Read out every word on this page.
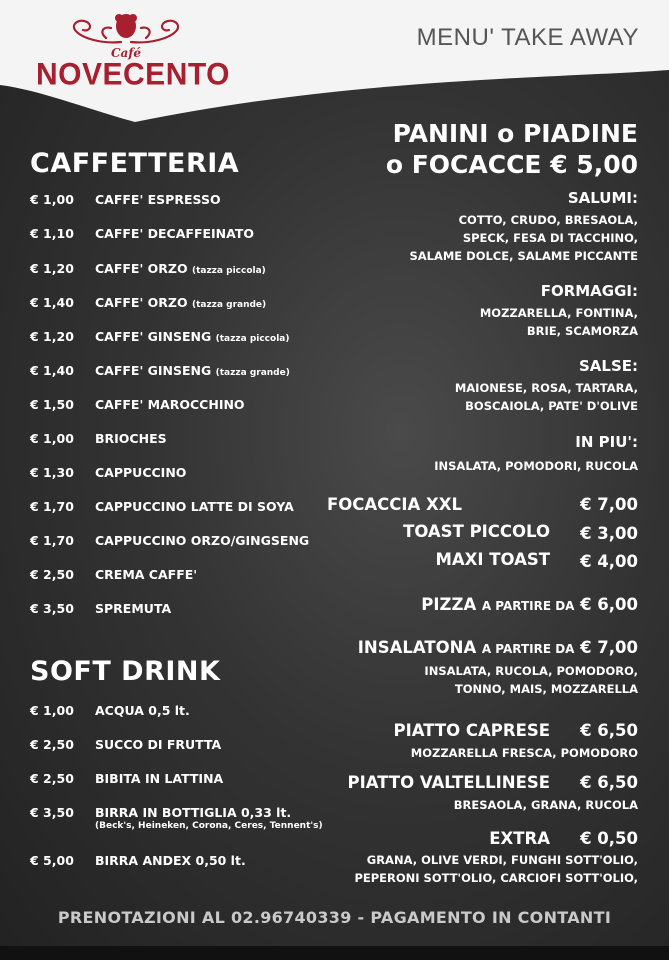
Café
NOVECENTO
MENU' TAKE AWAY
CAFFETTERIA
€ 1,00 CAFFE' ESPRESSO
€ 1,10 CAFFE' DECAFFEINATO
€ 1,20 CAFFE' ORZO (tazza piccola)
€ 1,40 CAFFE' ORZO (tazza grande)
€ 1,20 CAFFE' GINSENG (tazza piccola)
€ 1,40 CAFFE' GINSENG (tazza grande)
€ 1,50 CAFFE' MAROCCHINO
€ 1,00 BRIOCHES
€ 1,30 CAPPUCCINO
€ 1,70 CAPPUCCINO LATTE DI SOYA
€ 1,70 CAPPUCCINO ORZO/GINGSENG
€ 2,50 CREMA CAFFE'
€ 3,50 SPREMUTA
SOFT DRINK
€ 1,00 ACQUA 0,5 lt.
€ 2,50 SUCCO DI FRUTTA
€ 2,50 BIBITA IN LATTINA
€ 3,50 BIRRA IN BOTTIGLIA 0,33 lt.
(Beck's, Heineken, Corona, Ceres, Tennent's)
€ 5,00 BIRRA ANDEX 0,50 lt.
PANINI o PIADINE
o FOCACCE € 5,00
SALUMI:
COTTO, CRUDO, BRESAOLA,
SPECK, FESA DI TACCHINO,
SALAME DOLCE, SALAME PICCANTE
FORMAGGI:
MOZZARELLA, FONTINA,
BRIE, SCAMORZA
SALSE:
MAIONESE, ROSA, TARTARA,
BOSCAIOLA, PATE' D'OLIVE
IN PIU':
INSALATA, POMODORI, RUCOLA
FOCACCIA XXL	€ 7,00
TOAST PICCOLO € 3,00
MAXI TOAST € 4,00
PIZZA A PARTIRE DA € 6,00
INSALATONA A PARTIRE DA € 7,00
INSALATA, RUCOLA, POMODORO,
TONNO, MAIS, MOZZARELLA
PIATTO CAPRESE € 6,50
MOZZARELLA FRESCA, POMODORO
PIATTO VALTELLINESE € 6,50
BRESAOLA, GRANA, RUCOLA
EXTRA € 0,50
GRANA, OLIVE VERDI, FUNGHI SOTT'OLIO,
PEPERONI SOTT'OLIO, CARCIOFI SOTT'OLIO,
PRENOTAZIONI AL 02.96740339 - PAGAMENTO IN CONTANTI
